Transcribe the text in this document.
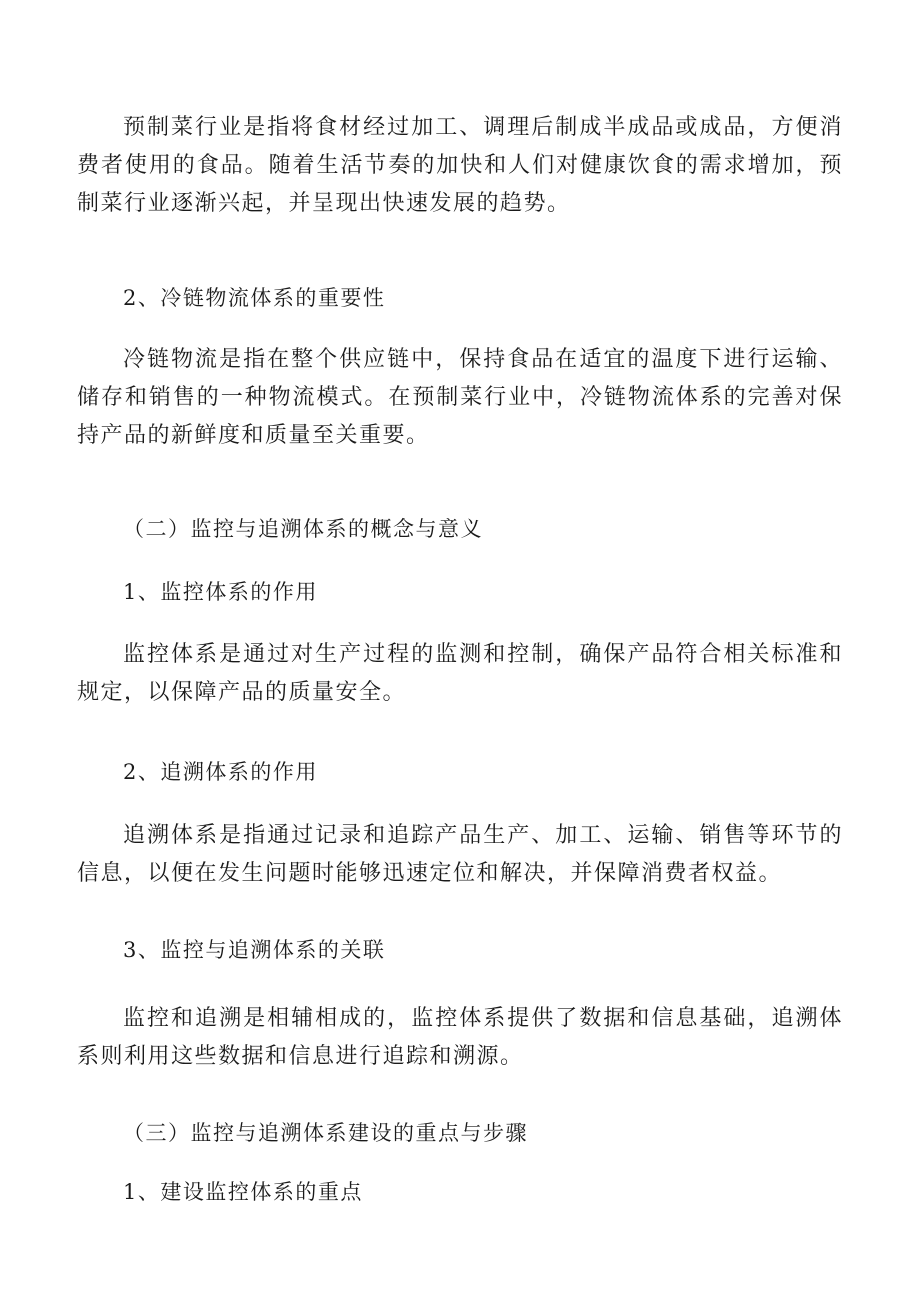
预制菜行业是指将食材经过加工、调理后制成半成品或成品，方便消费者使用的食品。随着生活节奏的加快和人们对健康饮食的需求增加，预制菜行业逐渐兴起，并呈现出快速发展的趋势。

2、冷链物流体系的重要性

冷链物流是指在整个供应链中，保持食品在适宜的温度下进行运输、储存和销售的一种物流模式。在预制菜行业中，冷链物流体系的完善对保持产品的新鲜度和质量至关重要。

（二）监控与追溯体系的概念与意义
1、监控体系的作用

监控体系是通过对生产过程的监测和控制，确保产品符合相关标准和规定，以保障产品的质量安全。

2、追溯体系的作用

追溯体系是指通过记录和追踪产品生产、加工、运输、销售等环节的信息，以便在发生问题时能够迅速定位和解决，并保障消费者权益。

3、监控与追溯体系的关联

监控和追溯是相辅相成的，监控体系提供了数据和信息基础，追溯体系则利用这些数据和信息进行追踪和溯源。

（三）监控与追溯体系建设的重点与步骤
1、建设监控体系的重点
